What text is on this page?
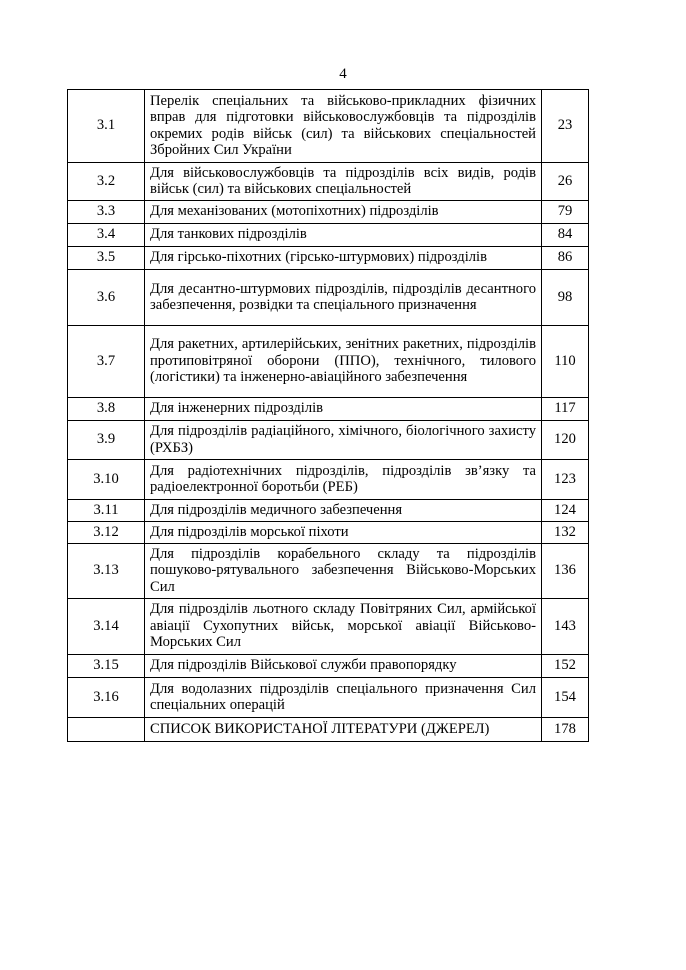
4
3.1	Перелік спеціальних та військово-прикладних фізичних вправ для підготовки військовослужбовців та підрозділів окремих родів військ (сил) та військових спеціальностей Збройних Сил України	23
3.2	Для військовослужбовців та підрозділів всіх видів, родів військ (сил) та військових спеціальностей	26
3.3	Для механізованих (мотопіхотних) підрозділів	79
3.4	Для танкових підрозділів	84
3.5	Для гірсько-піхотних (гірсько-штурмових) підрозділів	86
3.6	Для десантно-штурмових підрозділів, підрозділів десантного забезпечення, розвідки та спеціального призначення	98
3.7	Для ракетних, артилерійських, зенітних ракетних, підрозділів протиповітряної оборони (ППО), технічного, тилового (логістики) та інженерно-авіаційного забезпечення	110
3.8	Для інженерних підрозділів	117
3.9	Для підрозділів радіаційного, хімічного, біологічного захисту (РХБЗ)	120
3.10	Для радіотехнічних підрозділів, підрозділів зв’язку та радіоелектронної боротьби (РЕБ)	123
3.11	Для підрозділів медичного забезпечення	124
3.12	Для підрозділів морської піхоти	132
3.13	Для підрозділів корабельного складу та підрозділів пошуково-рятувального забезпечення Військово-Морських Сил	136
3.14	Для підрозділів льотного складу Повітряних Сил, армійської авіації Сухопутних військ, морської авіації Військово-Морських Сил	143
3.15	Для підрозділів Військової служби правопорядку	152
3.16	Для водолазних підрозділів спеціального призначення Сил спеціальних операцій	154
	СПИСОК ВИКОРИСТАНОЇ ЛІТЕРАТУРИ (ДЖЕРЕЛ)	178
